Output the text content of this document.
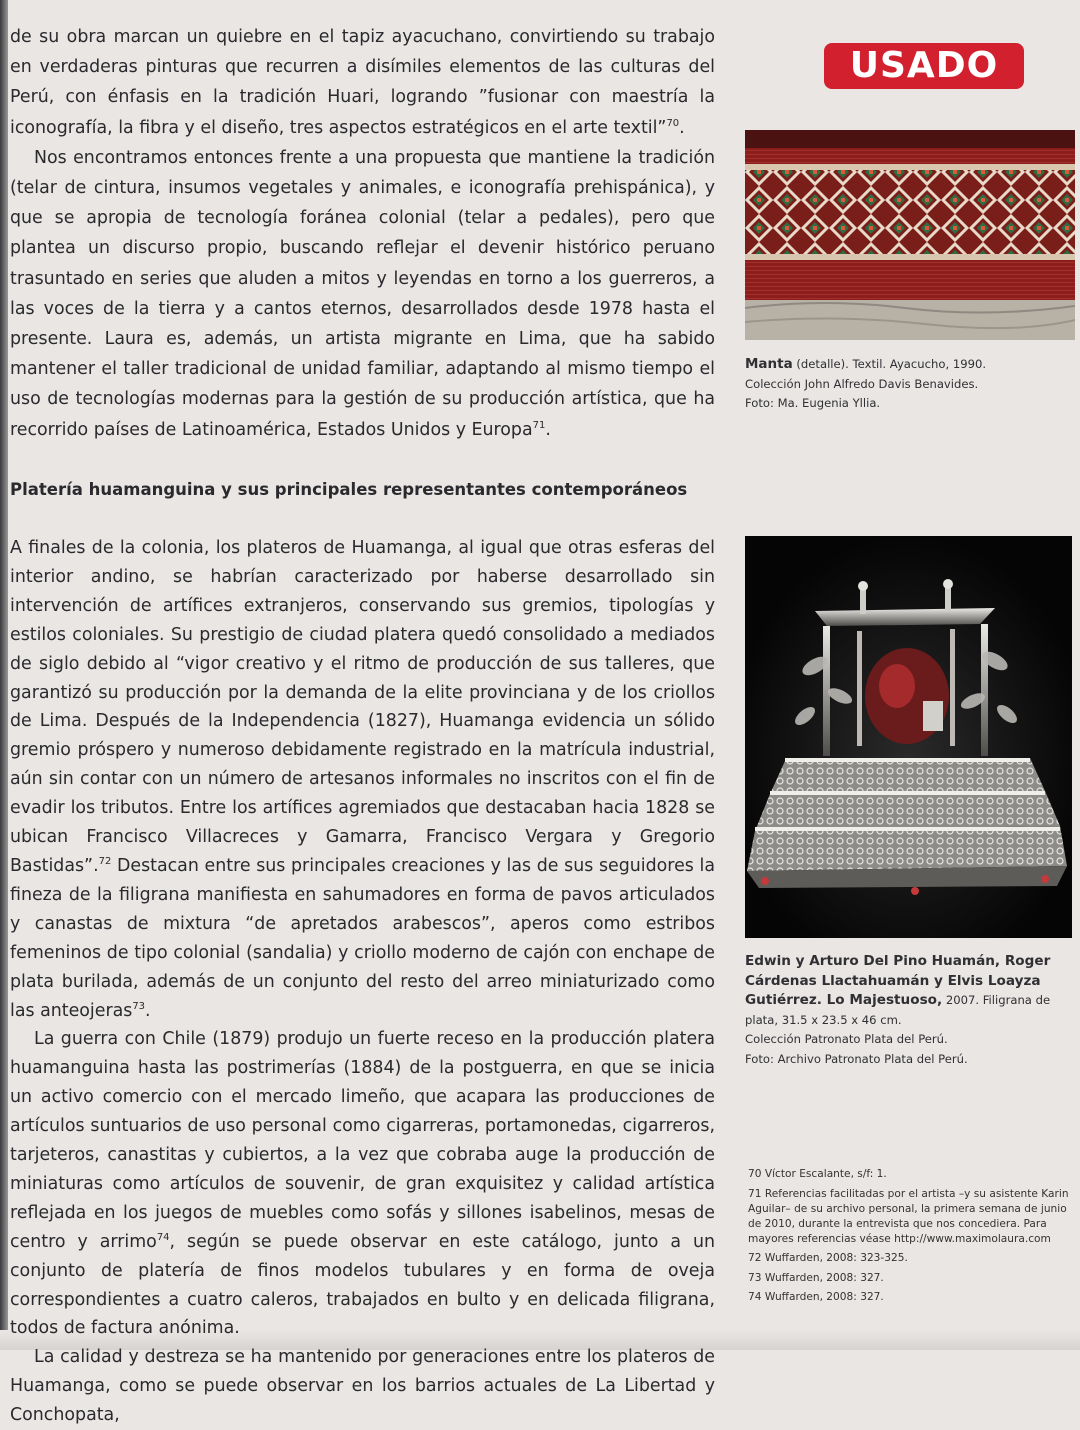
de su obra marcan un quiebre en el tapiz ayacuchano, convirtiendo su trabajo en verdaderas pinturas que recurren a disímiles elementos de las culturas del Perú, con énfasis en la tradición Huari, logrando ”fusionar con maestría la iconografía, la fibra y el diseño, tres aspectos estratégicos en el arte textil”$^{70}$.

Nos encontramos entonces frente a una propuesta que mantiene la tradición (telar de cintura, insumos vegetales y animales, e iconografía prehispánica), y que se apropia de tecnología foránea colonial (telar a pedales), pero que plantea un discurso propio, buscando reflejar el devenir histórico peruano trasuntado en series que aluden a mitos y leyendas en torno a los guerreros, a las voces de la tierra y a cantos eternos, desarrollados desde 1978 hasta el presente. Laura es, además, un artista migrante en Lima, que ha sabido mantener el taller tradicional de unidad familiar, adaptando al mismo tiempo el uso de tecnologías modernas para la gestión de su producción artística, que ha recorrido países de Latinoamérica, Estados Unidos y Europa$^{71}$.

Platería huamanguina y sus principales representantes contemporáneos

A finales de la colonia, los plateros de Huamanga, al igual que otras esferas del interior andino, se habrían caracterizado por haberse desarrollado sin intervención de artífices extranjeros, conservando sus gremios, tipologías y estilos coloniales. Su prestigio de ciudad platera quedó consolidado a mediados de siglo debido al “vigor creativo y el ritmo de producción de sus talleres, que garantizó su producción por la demanda de la elite provinciana y de los criollos de Lima. Después de la Independencia (1827), Huamanga evidencia un sólido gremio próspero y numeroso debidamente registrado en la matrícula industrial, aún sin contar con un número de artesanos informales no inscritos con el fin de evadir los tributos. Entre los artífices agremiados que destacaban hacia 1828 se ubican Francisco Villacreces y Gamarra, Francisco Vergara y Gregorio Bastidas”.$^{72}$ Destacan entre sus principales creaciones y las de sus seguidores la fineza de la filigrana manifiesta en sahumadores en forma de pavos articulados y canastas de mixtura “de apretados arabescos”, aperos como estribos femeninos de tipo colonial (sandalia) y criollo moderno de cajón con enchape de plata burilada, además de un conjunto del resto del arreo miniaturizado como las anteojeras$^{73}$.

La guerra con Chile (1879) produjo un fuerte receso en la producción platera huamanguina hasta las postrimerías (1884) de la postguerra, en que se inicia un activo comercio con el mercado limeño, que acapara las producciones de artículos suntuarios de uso personal como cigarreras, portamonedas, cigarreros, tarjeteros, canastitas y cubiertos, a la vez que cobraba auge la producción de miniaturas como artículos de souvenir, de gran exquisitez y calidad artística reflejada en los juegos de muebles como sofás y sillones isabelinos, mesas de centro y arrimo$^{74}$, según se puede observar en este catálogo, junto a un conjunto de platería de finos modelos tubulares y en forma de oveja correspondientes a cuatro caleros, trabajados en bulto y en delicada filigrana, todos de factura anónima.

La calidad y destreza se ha mantenido por generaciones entre los plateros de Huamanga, como se puede observar en los barrios actuales de La Libertad y Conchopata,

USADO
Manta (detalle). Textil. Ayacucho, 1990.
Colección John Alfredo Davis Benavides.
Foto: Ma. Eugenia Yllia.
Edwin y Arturo Del Pino Huamán, Roger Cárdenas Llactahuamán y Elvis Loayza Gutiérrez. Lo Majestuoso, 2007. Filigrana de plata, 31.5 x 23.5 x 46 cm.
Colección Patronato Plata del Perú.
Foto: Archivo Patronato Plata del Perú.

70 Víctor Escalante, s/f: 1.

71 Referencias facilitadas por el artista –y su asistente Karin Aguilar– de su archivo personal, la primera semana de junio de 2010, durante la entrevista que nos concediera. Para mayores referencias véase http://www.maximolaura.com

72 Wuffarden, 2008: 323-325.

73 Wuffarden, 2008: 327.

74 Wuffarden, 2008: 327.
